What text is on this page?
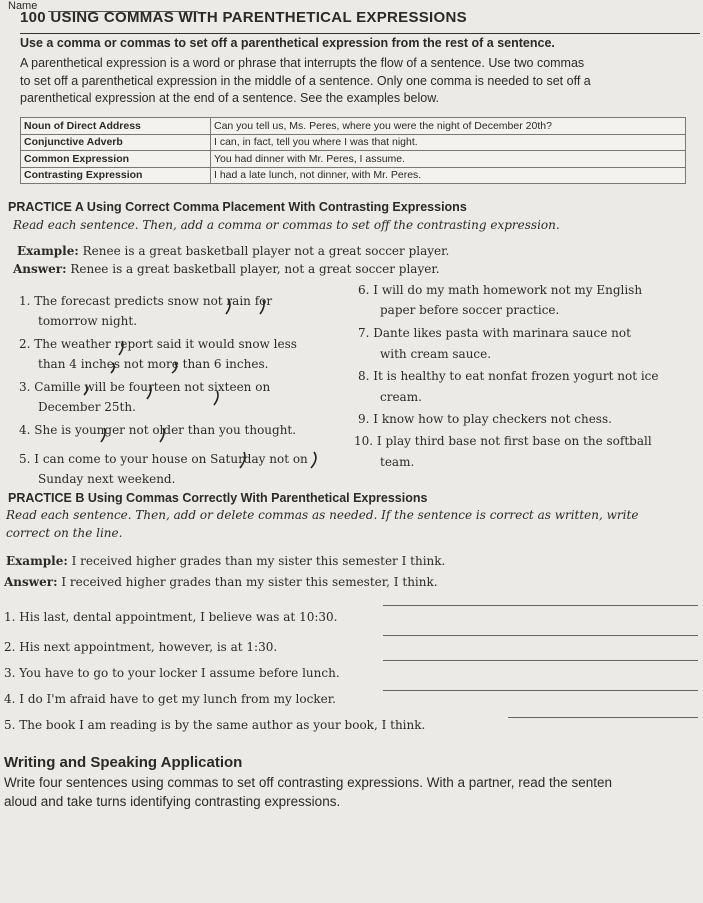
Name
100 USING COMMAS WITH PARENTHETICAL EXPRESSIONS
Use a comma or commas to set off a parenthetical expression from the rest of a sentence.
A parenthetical expression is a word or phrase that interrupts the flow of a sentence. Use two commas
to set off a parenthetical expression in the middle of a sentence. Only one comma is needed to set off a
parenthetical expression at the end of a sentence. See the examples below.
Noun of Direct Address	Can you tell us, Ms. Peres, where you were the night of December 20th?
Conjunctive Adverb	I can, in fact, tell you where I was that night.
Common Expression	You had dinner with Mr. Peres, I assume.
Contrasting Expression	I had a late lunch, not dinner, with Mr. Peres.
PRACTICE A Using Correct Comma Placement With Contrasting Expressions
Read each sentence. Then, add a comma or commas to set off the contrasting expression.
Example: Renee is a great basketball player not a great soccer player.
Answer: Renee is a great basketball player, not a great soccer player.
1. The forecast predicts snow not rain for
tomorrow night.
2. The weather report said it would snow less
than 4 inches not more than 6 inches.
3. Camille will be fourteen not sixteen on
December 25th.
4. She is younger not older than you thought.
5. I can come to your house on Saturday not on
Sunday next weekend.
6. I will do my math homework not my English
paper before soccer practice.
7. Dante likes pasta with marinara sauce not
with cream sauce.
8. It is healthy to eat nonfat frozen yogurt not ice
cream.
9. I know how to play checkers not chess.
10. I play third base not first base on the softball
team.
PRACTICE B Using Commas Correctly With Parenthetical Expressions
Read each sentence. Then, add or delete commas as needed. If the sentence is correct as written, write
correct on the line.
Example: I received higher grades than my sister this semester I think.
Answer: I received higher grades than my sister this semester, I think.
1. His last, dental appointment, I believe was at 10:30.
2. His next appointment, however, is at 1:30.
3. You have to go to your locker I assume before lunch.
4. I do I'm afraid have to get my lunch from my locker.
5. The book I am reading is by the same author as your book, I think.
Writing and Speaking Application
Write four sentences using commas to set off contrasting expressions. With a partner, read the senten
aloud and take turns identifying contrasting expressions.
